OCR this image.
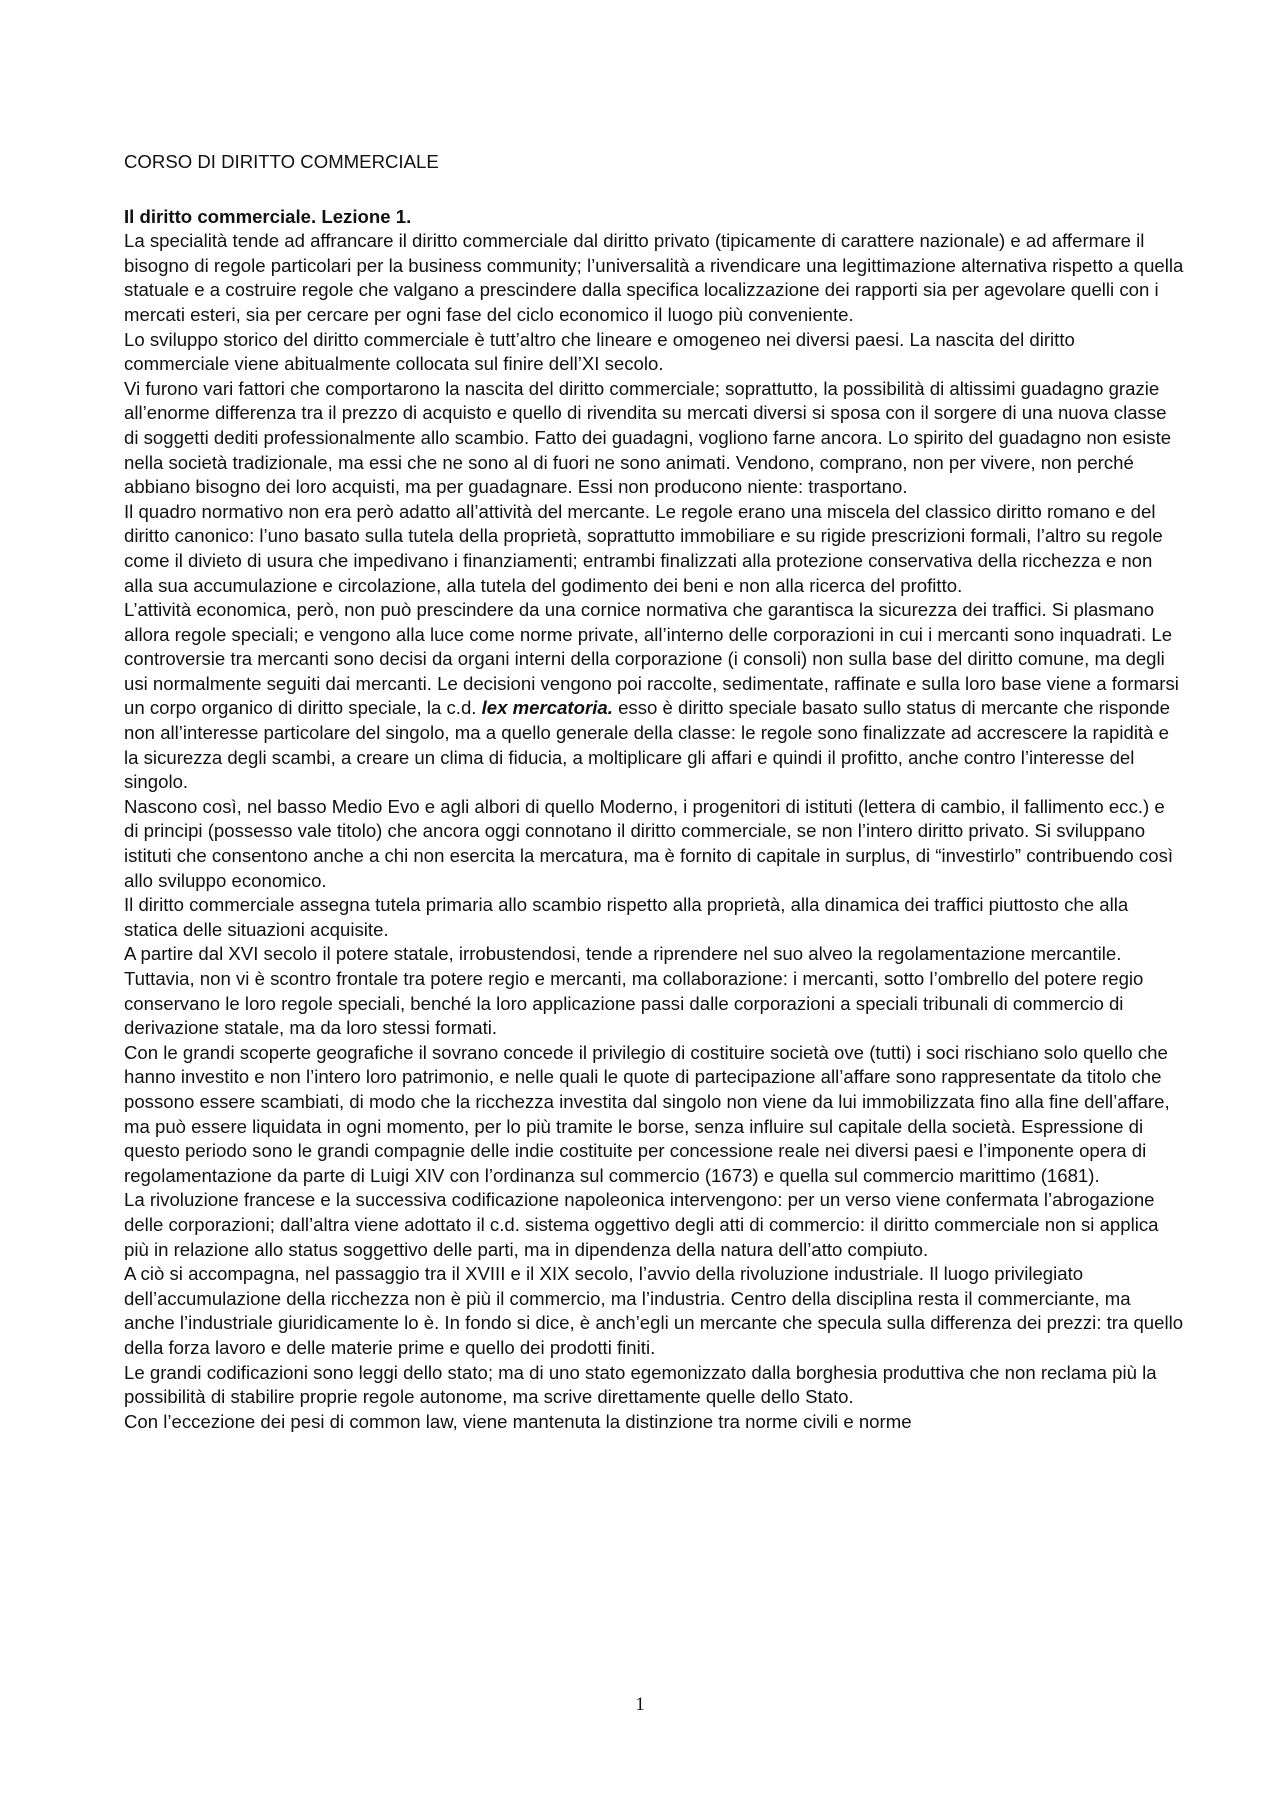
CORSO DI DIRITTO COMMERCIALE
Il diritto commerciale. Lezione 1.

La specialità tende ad affrancare il diritto commerciale dal diritto privato (tipicamente di carattere nazionale) e ad affermare il bisogno di regole particolari per la business community; l’universalità a rivendicare una legittimazione alternativa rispetto a quella statuale e a costruire regole che valgano a prescindere dalla specifica localizzazione dei rapporti sia per agevolare quelli con i mercati esteri, sia per cercare per ogni fase del ciclo economico il luogo più conveniente.

Lo sviluppo storico del diritto commerciale è tutt’altro che lineare e omogeneo nei diversi paesi. La nascita del diritto commerciale viene abitualmente collocata sul finire dell’XI secolo.

Vi furono vari fattori che comportarono la nascita del diritto commerciale; soprattutto, la possibilità di altissimi guadagno grazie all’enorme differenza tra il prezzo di acquisto e quello di rivendita su mercati diversi si sposa con il sorgere di una nuova classe di soggetti dediti professionalmente allo scambio. Fatto dei guadagni, vogliono farne ancora. Lo spirito del guadagno non esiste nella società tradizionale, ma essi che ne sono al di fuori ne sono animati. Vendono, comprano, non per vivere, non perché abbiano bisogno dei loro acquisti, ma per guadagnare. Essi non producono niente: trasportano.

Il quadro normativo non era però adatto all’attività del mercante. Le regole erano una miscela del classico diritto romano e del diritto canonico: l’uno basato sulla tutela della proprietà, soprattutto immobiliare e su rigide prescrizioni formali, l’altro su regole come il divieto di usura che impedivano i finanziamenti; entrambi finalizzati alla protezione conservativa della ricchezza e non alla sua accumulazione e circolazione, alla tutela del godimento dei beni e non alla ricerca del profitto.

L’attività economica, però, non può prescindere da una cornice normativa che garantisca la sicurezza dei traffici. Si plasmano allora regole speciali; e vengono alla luce come norme private, all’interno delle corporazioni in cui i mercanti sono inquadrati. Le controversie tra mercanti sono decisi da organi interni della corporazione (i consoli) non sulla base del diritto comune, ma degli usi normalmente seguiti dai mercanti. Le decisioni vengono poi raccolte, sedimentate, raffinate e sulla loro base viene a formarsi un corpo organico di diritto speciale, la c.d. lex mercatoria. esso è diritto speciale basato sullo status di mercante che risponde non all’interesse particolare del singolo, ma a quello generale della classe: le regole sono finalizzate ad accrescere la rapidità e la sicurezza degli scambi, a creare un clima di fiducia, a moltiplicare gli affari e quindi il profitto, anche contro l’interesse del singolo.

Nascono così, nel basso Medio Evo e agli albori di quello Moderno, i progenitori di istituti (lettera di cambio, il fallimento ecc.) e di principi (possesso vale titolo) che ancora oggi connotano il diritto commerciale, se non l’intero diritto privato. Si sviluppano istituti che consentono anche a chi non esercita la mercatura, ma è fornito di capitale in surplus, di “investirlo” contribuendo così allo sviluppo economico.

Il diritto commerciale assegna tutela primaria allo scambio rispetto alla proprietà, alla dinamica dei traffici piuttosto che alla statica delle situazioni acquisite.

A partire dal XVI secolo il potere statale, irrobustendosi, tende a riprendere nel suo alveo la regolamentazione mercantile. Tuttavia, non vi è scontro frontale tra potere regio e mercanti, ma collaborazione: i mercanti, sotto l’ombrello del potere regio conservano le loro regole speciali, benché la loro applicazione passi dalle corporazioni a speciali tribunali di commercio di derivazione statale, ma da loro stessi formati.

Con le grandi scoperte geografiche il sovrano concede il privilegio di costituire società ove (tutti) i soci rischiano solo quello che hanno investito e non l’intero loro patrimonio, e nelle quali le quote di partecipazione all’affare sono rappresentate da titolo che possono essere scambiati, di modo che la ricchezza investita dal singolo non viene da lui immobilizzata fino alla fine dell’affare, ma può essere liquidata in ogni momento, per lo più tramite le borse, senza influire sul capitale della società. Espressione di questo periodo sono le grandi compagnie delle indie costituite per concessione reale nei diversi paesi e l’imponente opera di regolamentazione da parte di Luigi XIV con l’ordinanza sul commercio (1673) e quella sul commercio marittimo (1681).

La rivoluzione francese e la successiva codificazione napoleonica intervengono: per un verso viene confermata l’abrogazione delle corporazioni; dall’altra viene adottato il c.d. sistema oggettivo degli atti di commercio: il diritto commerciale non si applica più in relazione allo status soggettivo delle parti, ma in dipendenza della natura dell’atto compiuto.

A ciò si accompagna, nel passaggio tra il XVIII e il XIX secolo, l’avvio della rivoluzione industriale. Il luogo privilegiato dell’accumulazione della ricchezza non è più il commercio, ma l’industria. Centro della disciplina resta il commerciante, ma anche l’industriale giuridicamente lo è. In fondo si dice, è anch’egli un mercante che specula sulla differenza dei prezzi: tra quello della forza lavoro e delle materie prime e quello dei prodotti finiti.

Le grandi codificazioni sono leggi dello stato; ma di uno stato egemonizzato dalla borghesia produttiva che non reclama più la possibilità di stabilire proprie regole autonome, ma scrive direttamente quelle dello Stato.

Con l’eccezione dei pesi di common law, viene mantenuta la distinzione tra norme civili e norme

1
